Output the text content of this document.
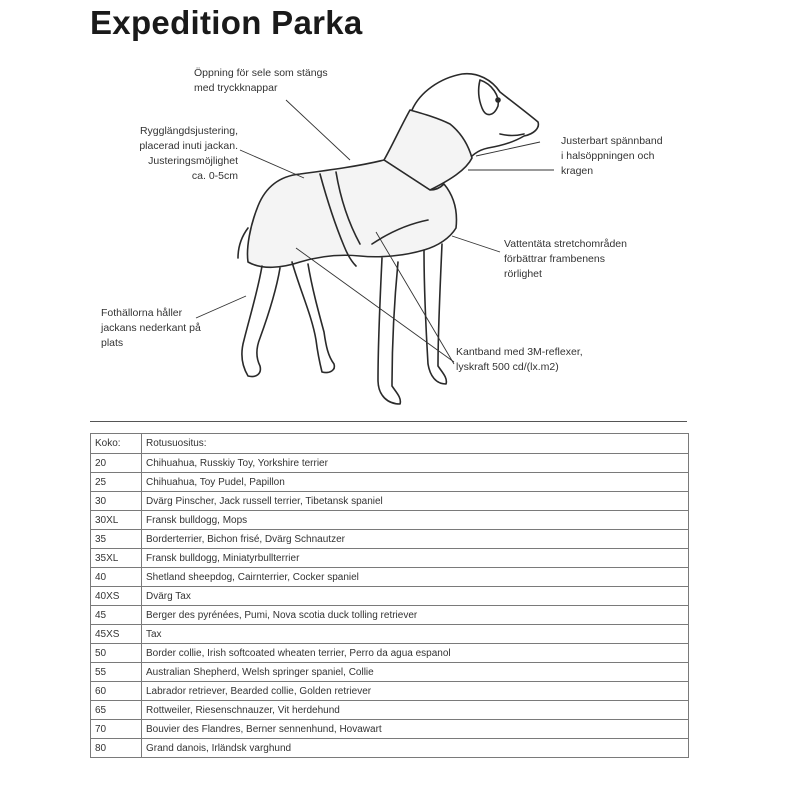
Expedition Parka
Öppning för sele som stängs
med tryckknappar
Rygglängdsjustering,
placerad inuti jackan.
Justeringsmöjlighet
ca. 0-5cm
Justerbart spännband
i halsöppningen och
kragen
Vattentäta stretchområden
förbättrar frambenens
rörlighet
Fothällorna håller
jackans nederkant på
plats
Kantband med 3M-reflexer,
lyskraft 500 cd/(lx.m2)
Koko:	Rotusuositus:
20	Chihuahua, Russkiy Toy, Yorkshire terrier
25	Chihuahua, Toy Pudel, Papillon
30	Dvärg Pinscher, Jack russell terrier, Tibetansk spaniel
30XL	Fransk bulldogg, Mops
35	Borderterrier, Bichon frisé, Dvärg Schnautzer
35XL	Fransk bulldogg, Miniatyrbullterrier
40	Shetland sheepdog, Cairnterrier, Cocker spaniel
40XS	Dvärg Tax
45	Berger des pyrénées, Pumi, Nova scotia duck tolling retriever
45XS	Tax
50	Border collie, Irish softcoated wheaten terrier, Perro da agua espanol
55	Australian Shepherd, Welsh springer spaniel, Collie
60	Labrador retriever, Bearded collie, Golden retriever
65	Rottweiler, Riesenschnauzer, Vit herdehund
70	Bouvier des Flandres, Berner sennenhund, Hovawart
80	Grand danois, Irländsk varghund
